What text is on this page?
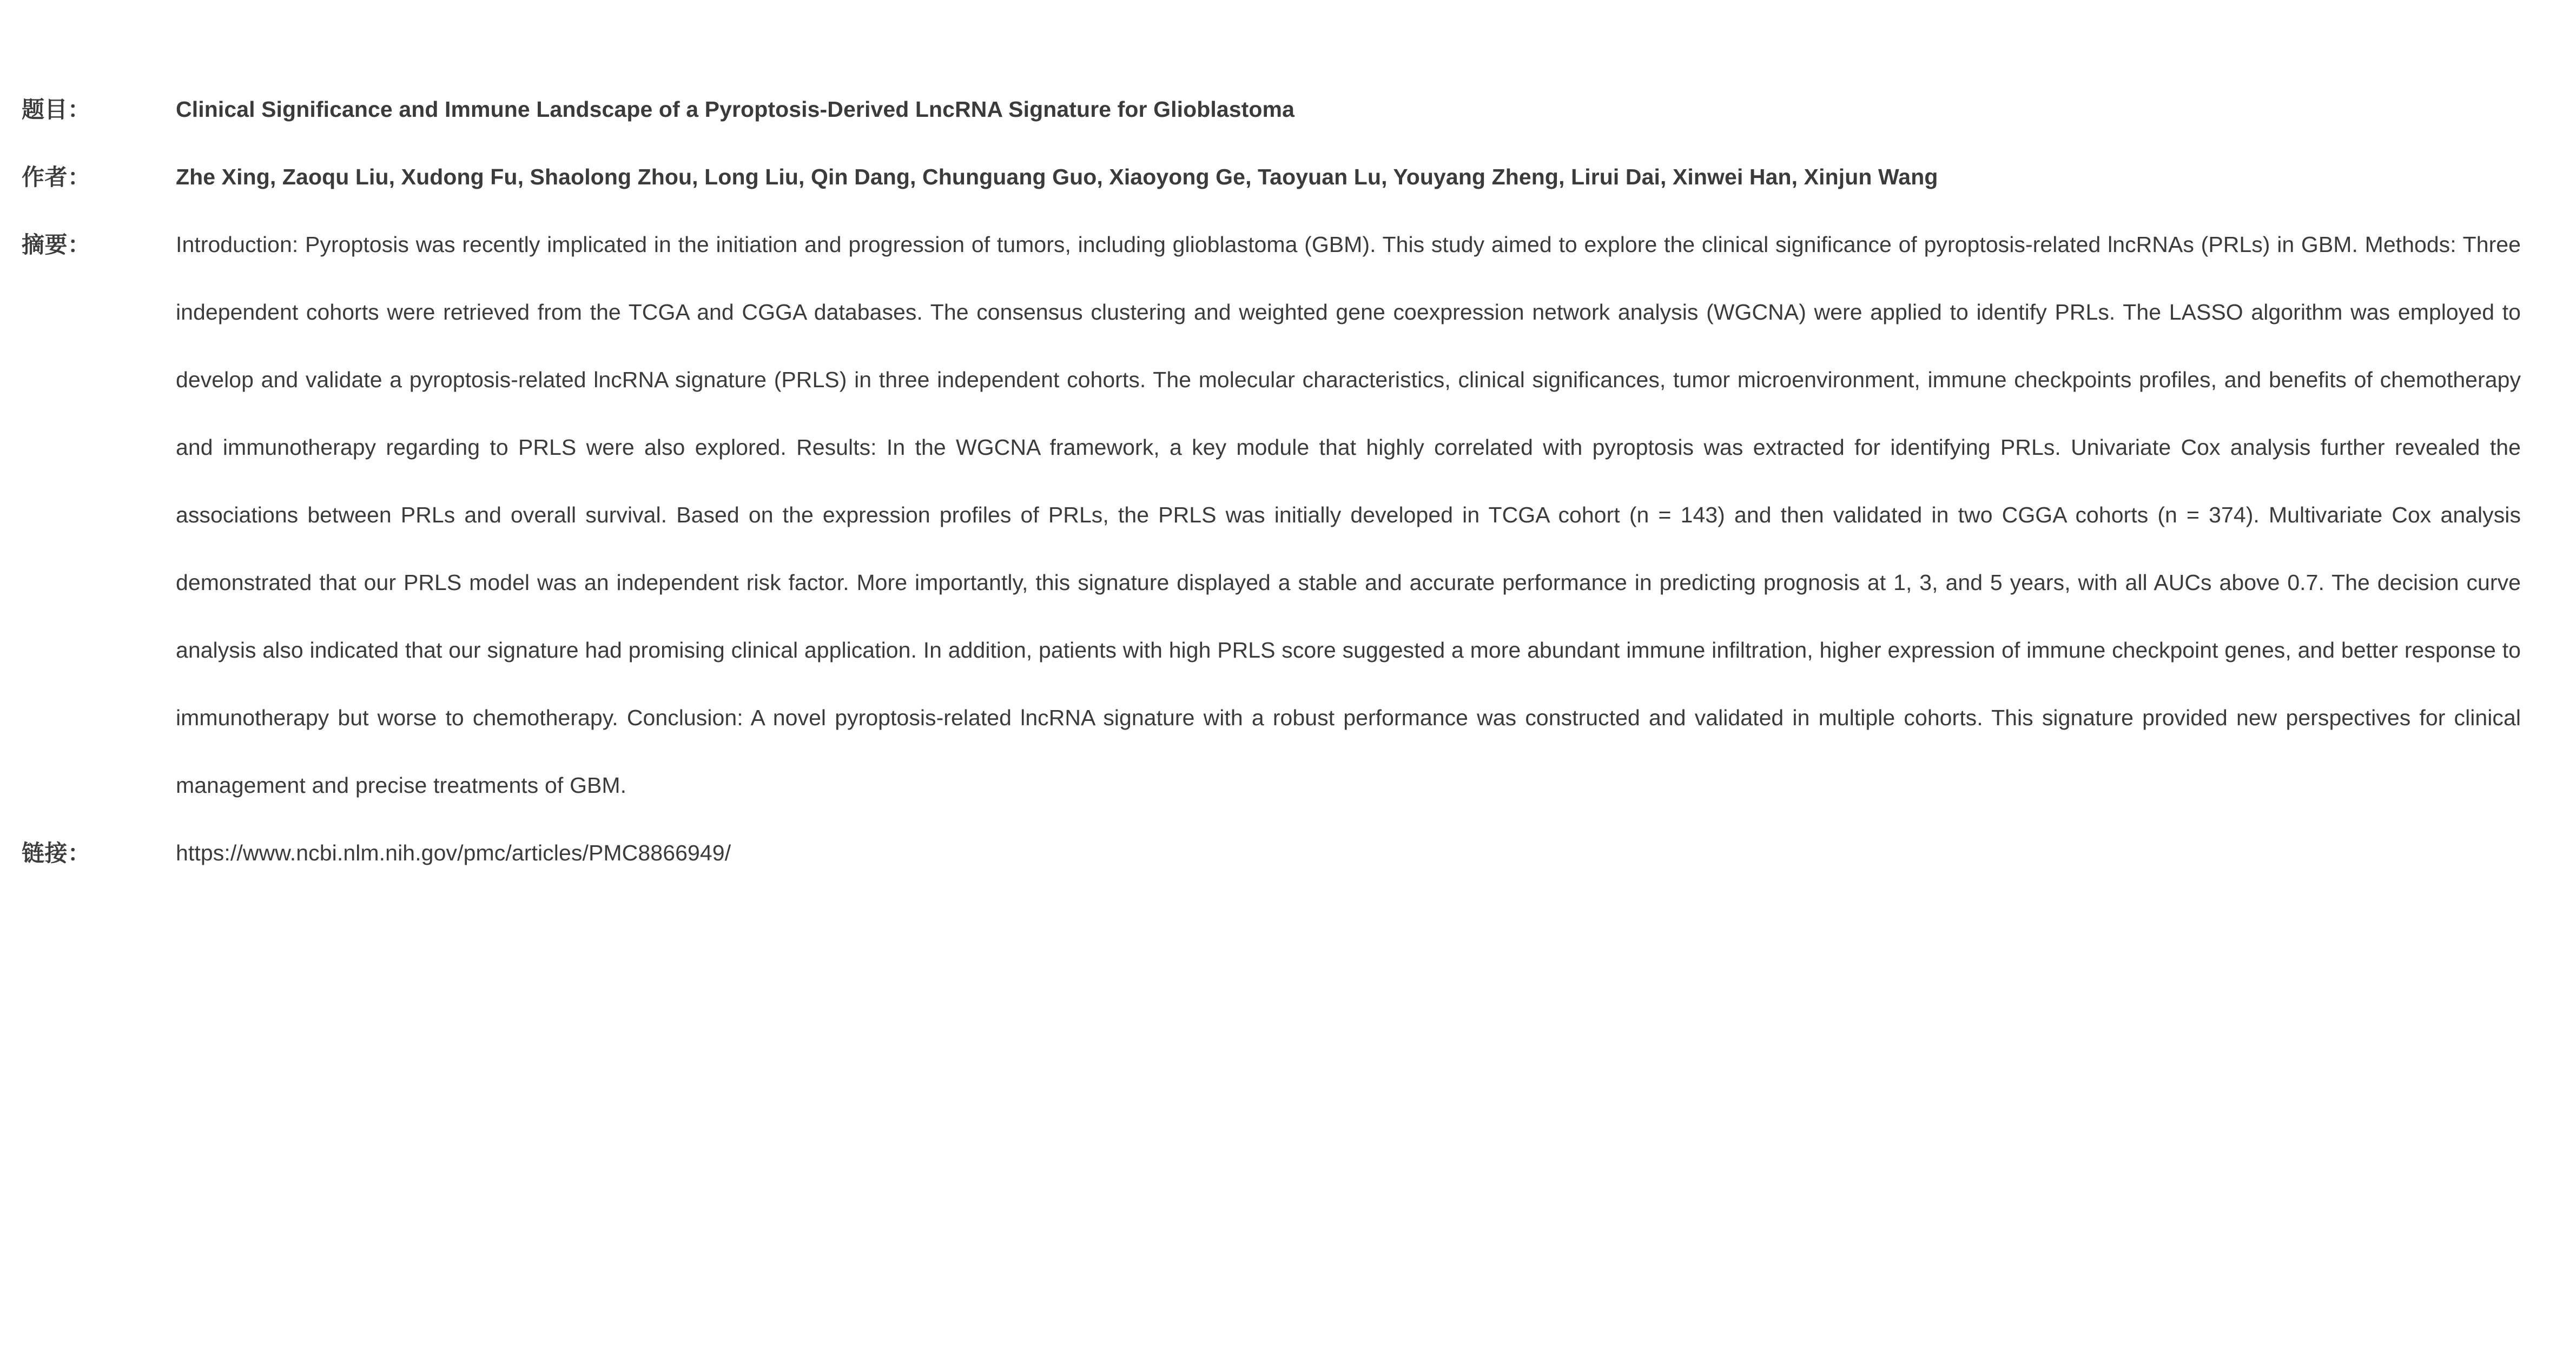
题目：	Clinical Significance and Immune Landscape of a Pyroptosis-Derived LncRNA Signature for Glioblastoma
作者：	Zhe Xing, Zaoqu Liu, Xudong Fu, Shaolong Zhou, Long Liu, Qin Dang, Chunguang Guo, Xiaoyong Ge, Taoyuan Lu, Youyang Zheng, Lirui Dai, Xinwei Han, Xinjun Wang
摘要：	Introduction: Pyroptosis was recently implicated in the initiation and progression of tumors, including glioblastoma (GBM). This study aimed to explore the clinical significance of pyroptosis-related lncRNAs (PRLs) in GBM. Methods: Three independent cohorts were retrieved from the TCGA and CGGA databases. The consensus clustering and weighted gene coexpression network analysis (WGCNA) were applied to identify PRLs. The LASSO algorithm was employed to develop and validate a pyroptosis-related lncRNA signature (PRLS) in three independent cohorts. The molecular characteristics, clinical significances, tumor microenvironment, immune checkpoints profiles, and benefits of chemotherapy and immunotherapy regarding to PRLS were also explored. Results: In the WGCNA framework, a key module that highly correlated with pyroptosis was extracted for identifying PRLs. Univariate Cox analysis further revealed the associations between PRLs and overall survival. Based on the expression profiles of PRLs, the PRLS was initially developed in TCGA cohort (n = 143) and then validated in two CGGA cohorts (n = 374). Multivariate Cox analysis demonstrated that our PRLS model was an independent risk factor. More importantly, this signature displayed a stable and accurate performance in predicting prognosis at 1, 3, and 5 years, with all AUCs above 0.7. The decision curve analysis also indicated that our signature had promising clinical application. In addition, patients with high PRLS score suggested a more abundant immune infiltration, higher expression of immune checkpoint genes, and better response to immunotherapy but worse to chemotherapy. Conclusion: A novel pyroptosis-related lncRNA signature with a robust performance was constructed and validated in multiple cohorts. This signature provided new perspectives for clinical management and precise treatments of GBM.
链接：	https://www.ncbi.nlm.nih.gov/pmc/articles/PMC8866949/
